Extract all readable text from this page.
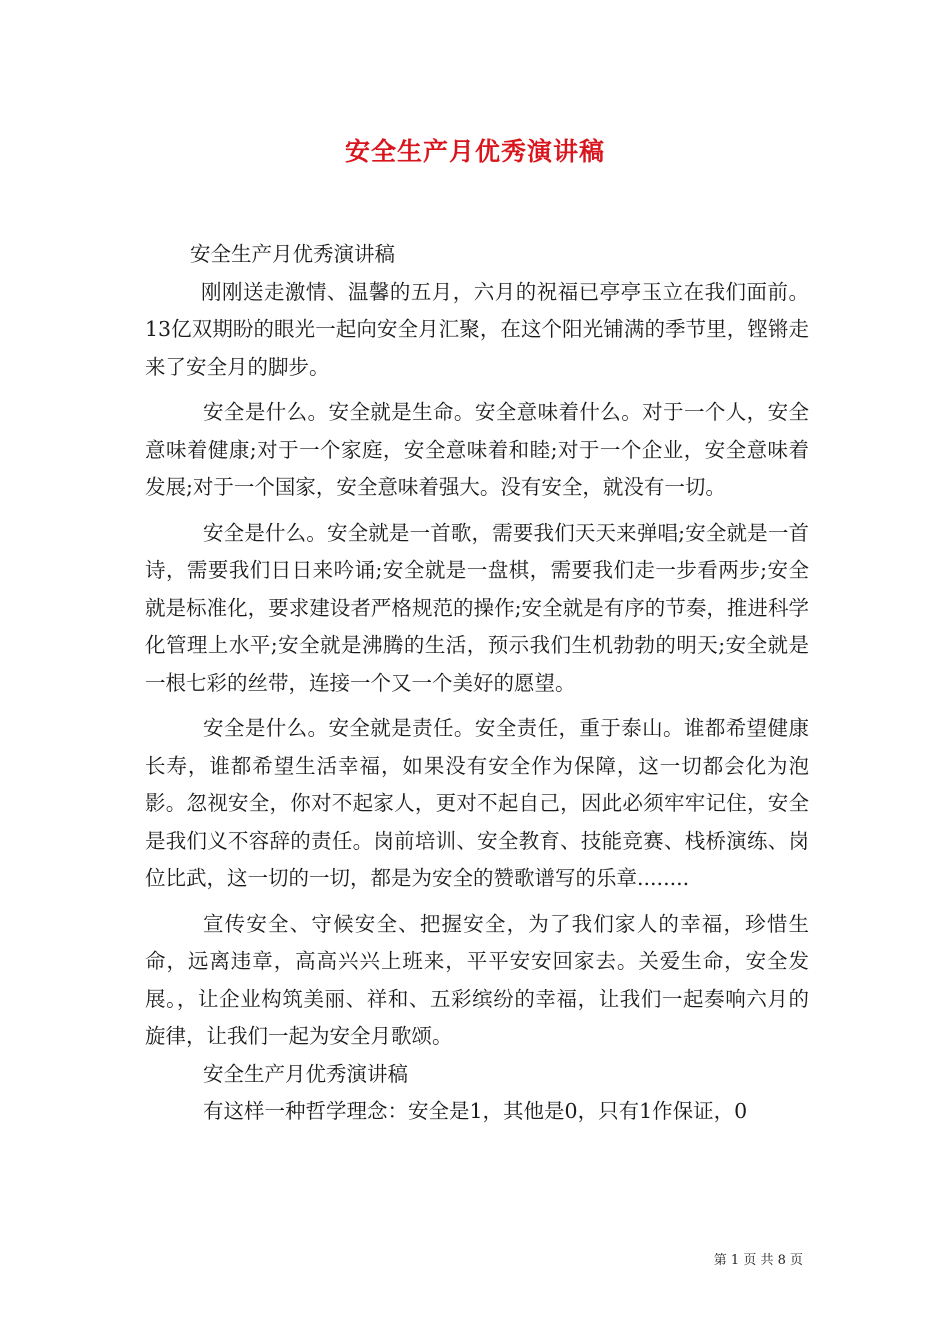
安全生产月优秀演讲稿

安全生产月优秀演讲稿

刚刚送走激情、温馨的五月，六月的祝福已亭亭玉立在我们面前。13亿双期盼的眼光一起向安全月汇聚，在这个阳光铺满的季节里，铿锵走来了安全月的脚步。

安全是什么。安全就是生命。安全意味着什么。对于一个人，安全意味着健康;对于一个家庭，安全意味着和睦;对于一个企业，安全意味着发展;对于一个国家，安全意味着强大。没有安全，就没有一切。

安全是什么。安全就是一首歌，需要我们天天来弹唱;安全就是一首诗，需要我们日日来吟诵;安全就是一盘棋，需要我们走一步看两步;安全就是标准化，要求建设者严格规范的操作;安全就是有序的节奏，推进科学化管理上水平;安全就是沸腾的生活，预示我们生机勃勃的明天;安全就是一根七彩的丝带，连接一个又一个美好的愿望。

安全是什么。安全就是责任。安全责任，重于泰山。谁都希望健康长寿，谁都希望生活幸福，如果没有安全作为保障，这一切都会化为泡影。忽视安全，你对不起家人，更对不起自己，因此必须牢牢记住，安全是我们义不容辞的责任。岗前培训、安全教育、技能竞赛、栈桥演练、岗位比武，这一切的一切，都是为安全的赞歌谱写的乐章........

宣传安全、守候安全、把握安全，为了我们家人的幸福，珍惜生命，远离违章，高高兴兴上班来，平平安安回家去。关爱生命，安全发展。，让企业构筑美丽、祥和、五彩缤纷的幸福，让我们一起奏响六月的旋律，让我们一起为安全月歌颂。

安全生产月优秀演讲稿

有这样一种哲学理念：安全是1，其他是0，只有1作保证，0

第 1 页 共 8 页
